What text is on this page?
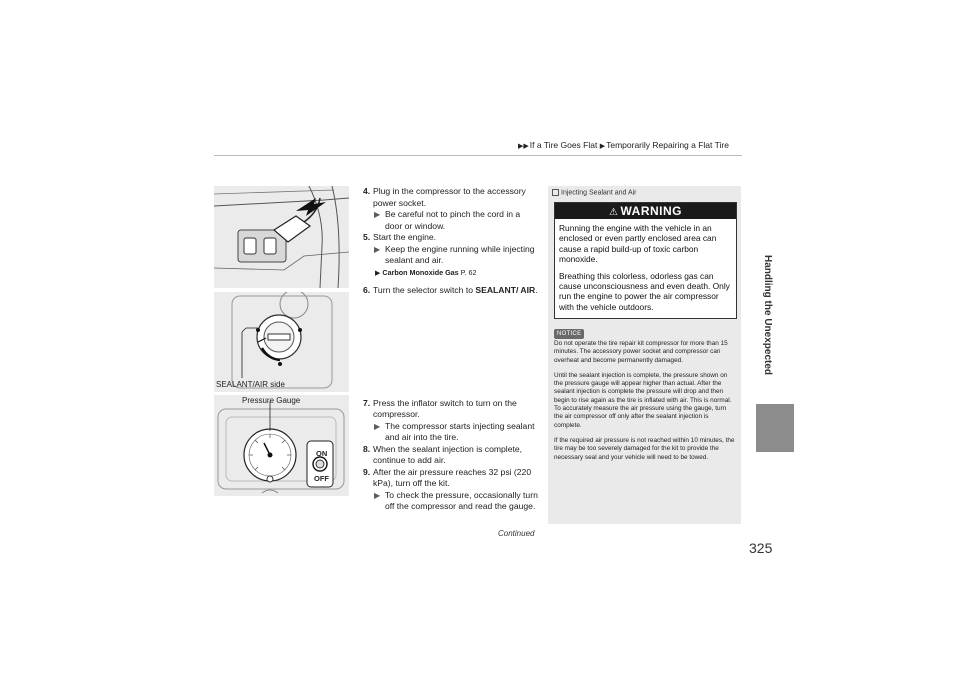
▶▶If a Tire Goes Flat ▶Temporarily Repairing a Flat Tire
Handling the Unexpected
325
Continued
SEALANT/AIR side
Pressure Gauge
ON
OFF
4. Plug in the compressor to the accessory power socket.
▶ Be careful not to pinch the cord in a door or window.
5. Start the engine.
▶ Keep the engine running while injecting sealant and air.
▶ Carbon Monoxide Gas P. 62
6. Turn the selector switch to SEALANT/ AIR.
7. Press the inflator switch to turn on the compressor.
▶ The compressor starts injecting sealant and air into the tire.
8. When the sealant injection is complete, continue to add air.
9. After the air pressure reaches 32 psi (220 kPa), turn off the kit.
▶ To check the pressure, occasionally turn off the compressor and read the gauge.
Injecting Sealant and Air
⚠ WARNING

Running the engine with the vehicle in an enclosed or even partly enclosed area can cause a rapid build-up of toxic carbon monoxide.

Breathing this colorless, odorless gas can cause unconsciousness and even death. Only run the engine to power the air compressor with the vehicle outdoors.

NOTICE

Do not operate the tire repair kit compressor for more than 15 minutes. The accessory power socket and compressor can overheat and become permanently damaged.

Until the sealant injection is complete, the pressure shown on the pressure gauge will appear higher than actual. After the sealant injection is complete the pressure will drop and then begin to rise again as the tire is inflated with air. This is normal. To accurately measure the air pressure using the gauge, turn the air compressor off only after the sealant injection is complete.

If the required air pressure is not reached within 10 minutes, the tire may be too severely damaged for the kit to provide the necessary seal and your vehicle will need to be towed.
